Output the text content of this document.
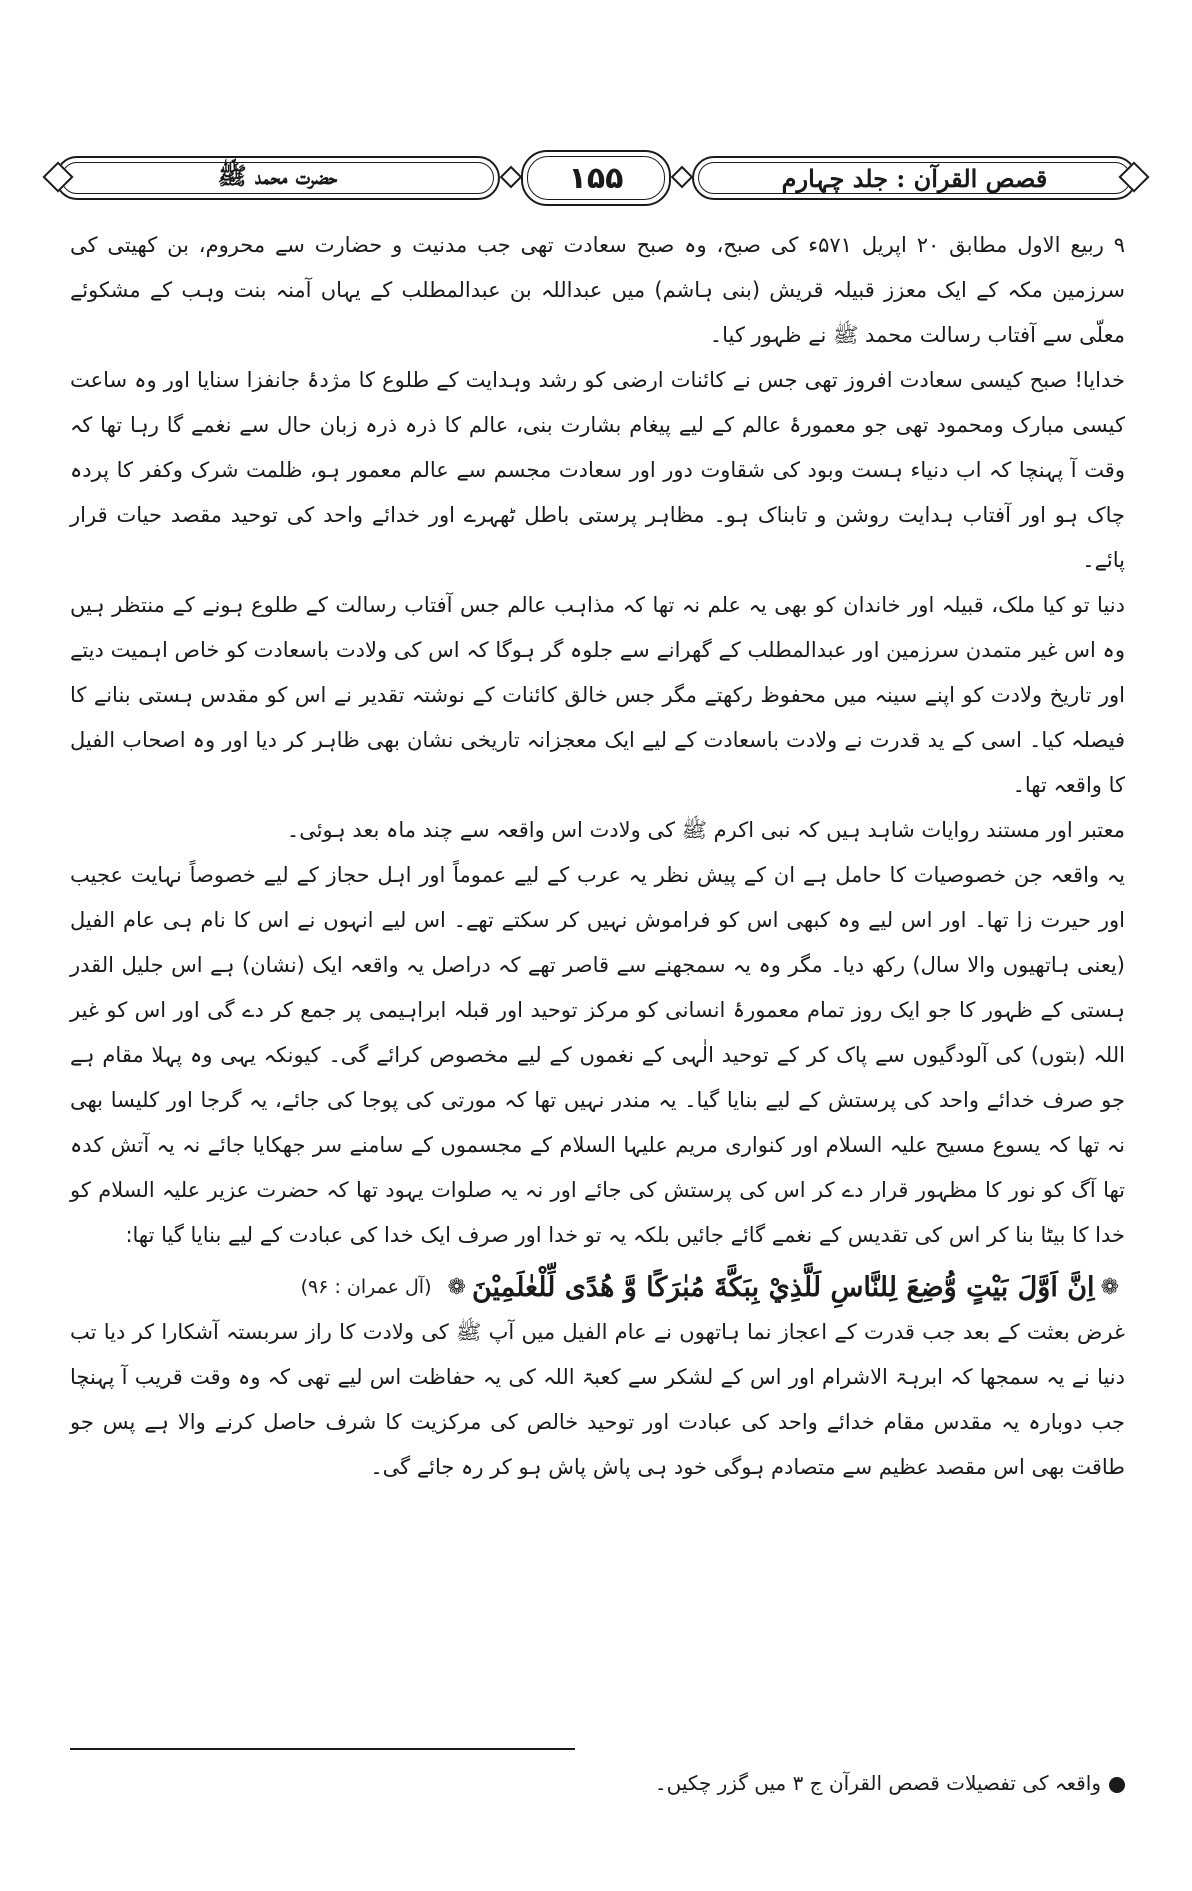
قصص القرآن : جلد چہارم
۱۵۵
حضرت محمد ﷺ

۹ ربیع الاول مطابق ۲۰ اپریل ۵۷۱ء کی صبح، وہ صبح سعادت تھی جب مدنیت و حضارت سے محروم، بن کھیتی کی سرزمین مکہ کے ایک معزز قبیلہ قریش (بنی ہاشم) میں عبداللہ بن عبدالمطلب کے یہاں آمنہ بنت وہب کے مشکوئے معلّی سے آفتاب رسالت محمد ﷺ نے ظہور کیا۔

خدایا! صبح کیسی سعادت افروز تھی جس نے کائنات ارضی کو رشد وہدایت کے طلوع کا مژدۂ جانفزا سنایا اور وہ ساعت کیسی مبارک ومحمود تھی جو معمورۂ عالم کے لیے پیغام بشارت بنی، عالم کا ذرہ ذرہ زبان حال سے نغمے گا رہا تھا کہ وقت آ پہنچا کہ اب دنیاء ہست وبود کی شقاوت دور اور سعادت مجسم سے عالم معمور ہو، ظلمت شرک وکفر کا پردہ چاک ہو اور آفتاب ہدایت روشن و تابناک ہو۔ مظاہر پرستی باطل ٹھہرے اور خدائے واحد کی توحید مقصد حیات قرار پائے۔

دنیا تو کیا ملک، قبیلہ اور خاندان کو بھی یہ علم نہ تھا کہ مذاہب عالم جس آفتاب رسالت کے طلوع ہونے کے منتظر ہیں وہ اس غیر متمدن سرزمین اور عبدالمطلب کے گھرانے سے جلوہ گر ہوگا کہ اس کی ولادت باسعادت کو خاص اہمیت دیتے اور تاریخ ولادت کو اپنے سینہ میں محفوظ رکھتے مگر جس خالق کائنات کے نوشتہ تقدیر نے اس کو مقدس ہستی بنانے کا فیصلہ کیا۔ اسی کے ید قدرت نے ولادت باسعادت کے لیے ایک معجزانہ تاریخی نشان بھی ظاہر کر دیا اور وہ اصحاب الفیل کا واقعہ تھا۔

معتبر اور مستند روایات شاہد ہیں کہ نبی اکرم ﷺ کی ولادت اس واقعہ سے چند ماہ بعد ہوئی۔

یہ واقعہ جن خصوصیات کا حامل ہے ان کے پیش نظر یہ عرب کے لیے عموماً اور اہل حجاز کے لیے خصوصاً نہایت عجیب اور حیرت زا تھا۔ اور اس لیے وہ کبھی اس کو فراموش نہیں کر سکتے تھے۔ اس لیے انہوں نے اس کا نام ہی عام الفیل (یعنی ہاتھیوں والا سال) رکھ دیا۔ مگر وہ یہ سمجھنے سے قاصر تھے کہ دراصل یہ واقعہ ایک (نشان) ہے اس جلیل القدر ہستی کے ظہور کا جو ایک روز تمام معمورۂ انسانی کو مرکز توحید اور قبلہ ابراہیمی پر جمع کر دے گی اور اس کو غیر اللہ (بتوں) کی آلودگیوں سے پاک کر کے توحید الٰہی کے نغموں کے لیے مخصوص کرائے گی۔ کیونکہ یہی وہ پہلا مقام ہے جو صرف خدائے واحد کی پرستش کے لیے بنایا گیا۔ یہ مندر نہیں تھا کہ مورتی کی پوجا کی جائے، یہ گرجا اور کلیسا بھی نہ تھا کہ یسوع مسیح علیہ السلام اور کنواری مریم علیہا السلام کے مجسموں کے سامنے سر جھکایا جائے نہ یہ آتش کدہ تھا آگ کو نور کا مظہور قرار دے کر اس کی پرستش کی جائے اور نہ یہ صلوات یہود تھا کہ حضرت عزیر علیہ السلام کو خدا کا بیٹا بنا کر اس کی تقدیس کے نغمے گائے جائیں بلکہ یہ تو خدا اور صرف ایک خدا کی عبادت کے لیے بنایا گیا تھا:

❁
اِنَّ اَوَّلَ بَيْتٍ وُّضِعَ لِلنَّاسِ لَلَّذِيْ بِبَكَّةَ مُبٰرَكًا وَّ هُدًى لِّلْعٰلَمِيْنَ
❁
(آل عمران : ۹۶)

غرض بعثت کے بعد جب قدرت کے اعجاز نما ہاتھوں نے عام الفیل میں آپ ﷺ کی ولادت کا راز سربستہ آشکارا کر دیا تب دنیا نے یہ سمجھا کہ ابرہۃ الاشرام اور اس کے لشکر سے کعبۃ اللہ کی یہ حفاظت اس لیے تھی کہ وہ وقت قریب آ پہنچا جب دوبارہ یہ مقدس مقام خدائے واحد کی عبادت اور توحید خالص کی مرکزیت کا شرف حاصل کرنے والا ہے پس جو طاقت بھی اس مقصد عظیم سے متصادم ہوگی خود ہی پاش پاش ہو کر رہ جائے گی۔

واقعہ کی تفصیلات قصص القرآن ج ۳ میں گزر چکیں۔
